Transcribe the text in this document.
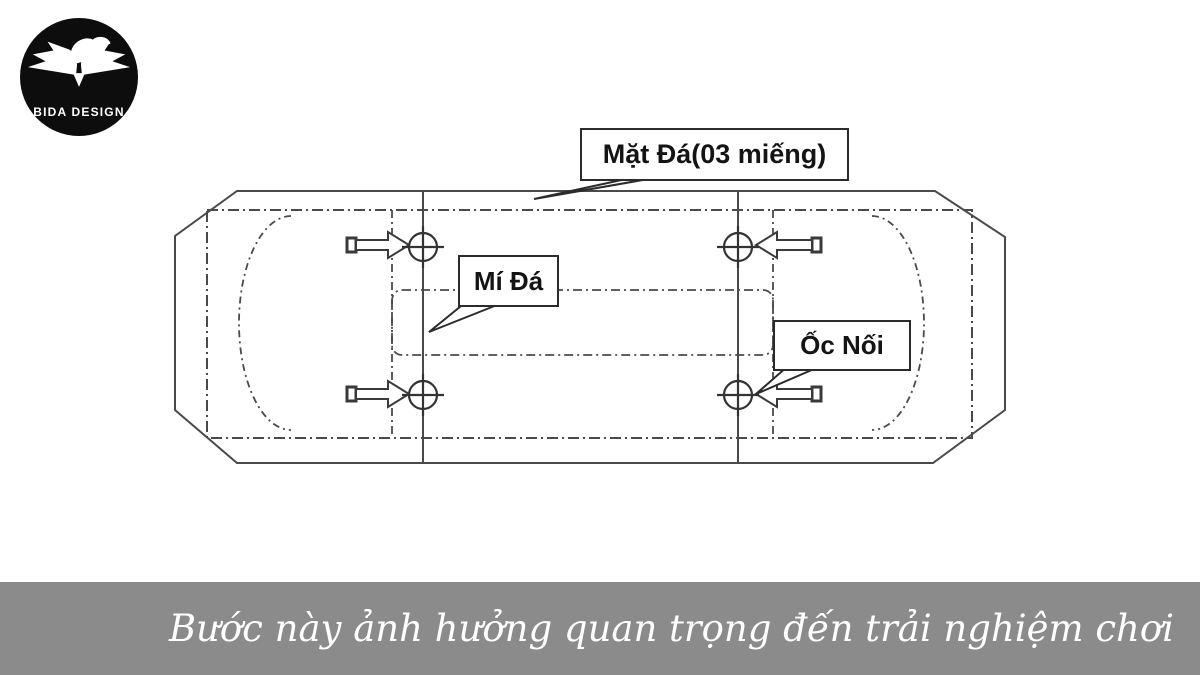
BIDA DESIGN
Mặt Đá(03 miếng)
Mí Đá
Ốc Nối
Bước này ảnh hưởng quan trọng đến trải nghiệm chơi
